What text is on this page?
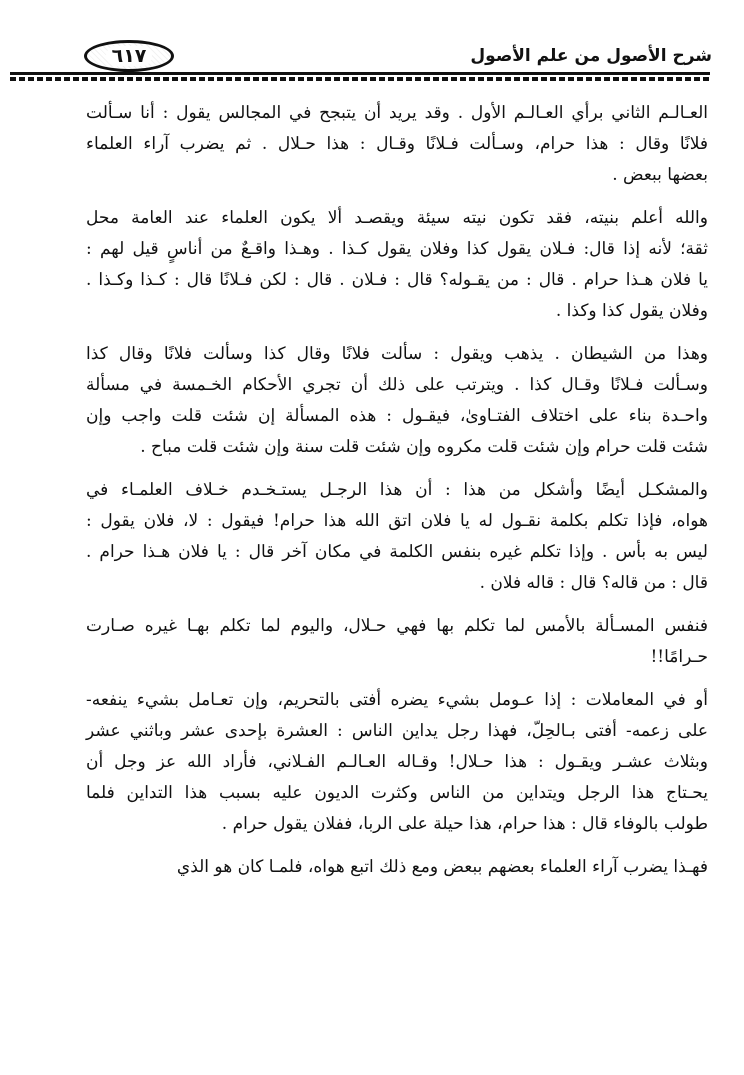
٦١٧	شرح الأصول من علم الأصول
العـالـم الثاني برأي العـالـم الأول . وقد يريد أن يتبجح في المجالس يقول : أنا سـألت
فلانًا وقال : هذا حرام، وسـألت فـلانًا وقـال : هذا حـلال . ثم يضرب آراء العلماء
بعضها ببعض .
والله أعلم بنيته، فقد تكون نيته سيئة ويقصـد ألا يكون العلماء عند العامة محل
ثقة؛ لأنه إذا قال: فـلان يقول كذا وفلان يقول كـذا . وهـذا واقـعٌ من أناسٍ قيل لهم :
يا فلان هـذا حرام . قال : من يقـوله؟ قال : فـلان . قال : لكن فـلانًا قال : كـذا وكـذا .
وفلان يقول كذا وكذا .
وهذا من الشيطان . يذهب ويقول : سألت فلانًا وقال كذا وسألت فلانًا وقال كذا
وسـألت فـلانًا وقـال كذا . ويترتب على ذلك أن تجري الأحكام الخـمسة في مسألة
واحـدة بناء على اختلاف الفتـاوىٰ، فيقـول : هذه المسألة إن شئت قلت واجب وإن
شئت قلت حرام وإن شئت قلت مكروه وإن شئت قلت سنة وإن شئت قلت مباح .
والمشكـل أيضًا وأشكل من هذا : أن هذا الرجـل يستـخـدم خـلاف العلمـاء في
هواه، فإذا تكلم بكلمة نقـول له يا فلان اتق الله هذا حرام! فيقول : لا، فلان يقول :
ليس به بأس . وإذا تكلم غيره بنفس الكلمة في مكان آخر قال : يا فلان هـذا حرام .
قال : من قاله؟ قال : قاله فلان .
فنفس المسـألة بالأمس لما تكلم بها فهي حـلال، واليوم لما تكلم بهـا غيره صـارت
حـرامًا!!
أو في المعاملات : إذا عـومل بشيء يضره أفتى بالتحريم، وإن تعـامل بشيء ينفعه-
على زعمه- أفتى بـالحِلّ، فهذا رجل يداين الناس : العشرة بإحدى عشر وباثني عشر
وبثلاث عشـر ويقـول : هذا حـلال! وقـاله العـالـم الفـلاني، فأراد الله عز وجل أن
يحـتاج هذا الرجل ويتداين من الناس وكثرت الديون عليه بسبب هذا التداين فلما
طولب بالوفاء قال : هذا حرام، هذا حيلة على الربا، ففلان يقول حرام .
فهـذا يضرب آراء العلماء بعضهم ببعض ومع ذلك اتبع هواه، فلمـا كان هو الذي
